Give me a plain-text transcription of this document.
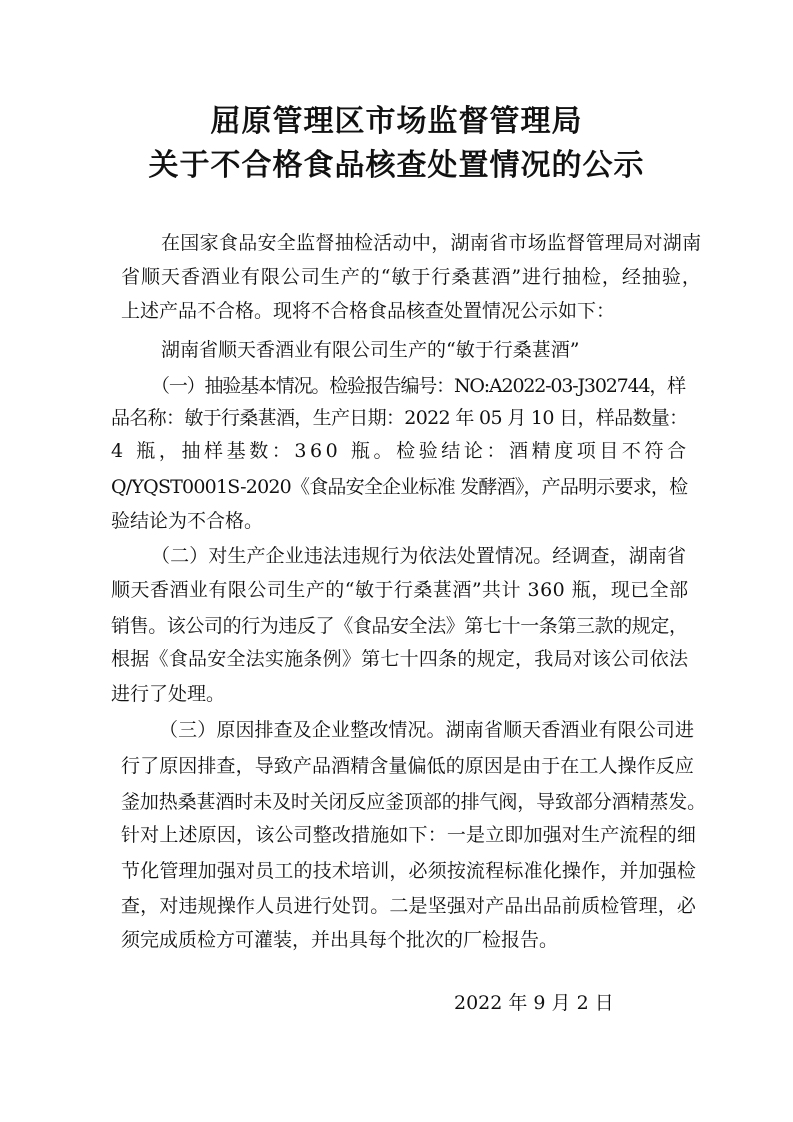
屈原管理区市场监督管理局
关于不合格食品核查处置情况的公示
在国家食品安全监督抽检活动中，湖南省市场监督管理局对湖南
省顺天香酒业有限公司生产的“敏于行桑葚酒”进行抽检，经抽验，
上述产品不合格。现将不合格食品核查处置情况公示如下：
湖南省顺天香酒业有限公司生产的“敏于行桑葚酒”
（一）抽验基本情况。检验报告编号：NO:A2022-03-J302744，样
品名称：敏于行桑葚酒，生产日期：2022 年 05 月 10 日，样品数量：
4 瓶，抽样基数：360 瓶。检验结论：酒精度项目不符合
Q/YQST0001S-2020《食品安全企业标准 发酵酒》，产品明示要求，检
验结论为不合格。
（二）对生产企业违法违规行为依法处置情况。经调查，湖南省
顺天香酒业有限公司生产的“敏于行桑葚酒”共计 360 瓶，现已全部
销售。该公司的行为违反了《食品安全法》第七十一条第三款的规定，
根据《食品安全法实施条例》第七十四条的规定，我局对该公司依法
进行了处理。
（三）原因排查及企业整改情况。湖南省顺天香酒业有限公司进
行了原因排查，导致产品酒精含量偏低的原因是由于在工人操作反应
釜加热桑葚酒时未及时关闭反应釜顶部的排气阀，导致部分酒精蒸发。
针对上述原因，该公司整改措施如下：一是立即加强对生产流程的细
节化管理加强对员工的技术培训，必须按流程标准化操作，并加强检
查，对违规操作人员进行处罚。二是坚强对产品出品前质检管理，必
须完成质检方可灌装，并出具每个批次的厂检报告。
2022 年 9 月 2 日
